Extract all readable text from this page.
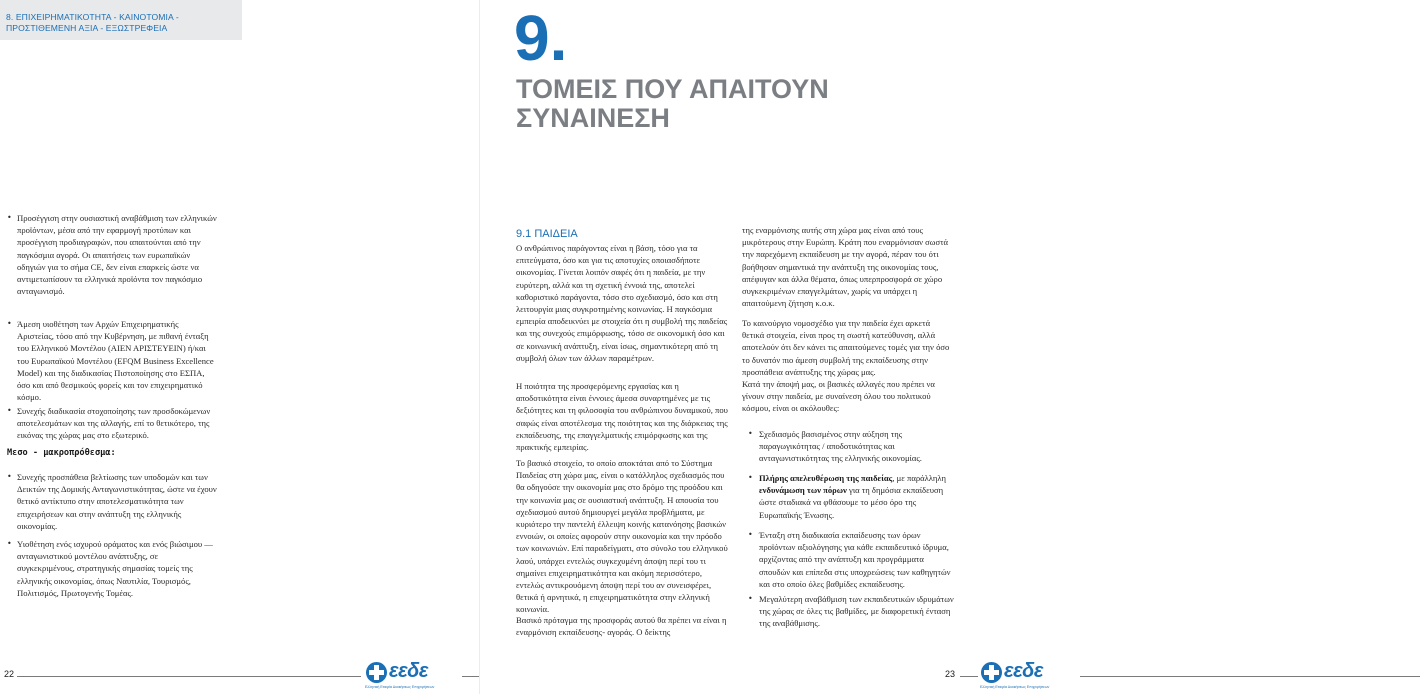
8. ΕΠΙΧΕΙΡΗΜΑΤΙΚΟΤΗΤΑ - ΚΑΙΝΟΤΟΜΙΑ - ΠΡΟΣΤΙΘΕΜΕΝΗ ΑΞΙΑ - ΕΞΩΣΤΡΕΦΕΙΑ
• Προσέγγιση στην ουσιαστική αναβάθμιση των ελληνικών προϊόντων, μέσα από την εφαρμογή προτύπων και προσέγγιση προδιαγραφών, που απαιτούνται από την παγκόσμια αγορά. Οι απαιτήσεις των ευρωπαϊκών οδηγιών για το σήμα CE, δεν είναι επαρκείς ώστε να αντιμετωπίσουν τα ελληνικά προϊόντα τον παγκόσμιο ανταγωνισμό.
• Άμεση υιοθέτηση των Αρχών Επιχειρηματικής Αριστείας, τόσο από την Κυβέρνηση, με πιθανή ένταξη του Ελληνικού Μοντέλου (ΑΙΕΝ ΑΡΙΣΤΕΥΕΙΝ) ή/και του Ευρωπαϊκού Μοντέλου (EFQM Business Excellence Model) και της διαδικασίας Πιστοποίησης στο ΕΣΠΑ, όσο και από θεσμικούς φορείς και τον επιχειρηματικό κόσμο.
• Συνεχής διαδικασία στοχοποίησης των προσδοκώμενων αποτελεσμάτων και της αλλαγής, επί το θετικότερο, της εικόνας της χώρας μας στο εξωτερικό.
Μεσο - μακροπρόθεσμα:
• Συνεχής προσπάθεια βελτίωσης των υποδομών και των Δεικτών της Δομικής Ανταγωνιστικότητας, ώστε να έχουν θετικό αντίκτυπο στην αποτελεσματικότητα των επιχειρήσεων και στην ανάπτυξη της ελληνικής οικονομίας.
• Υιοθέτηση ενός ισχυρού οράματος και ενός βιώσιμου — ανταγωνιστικού μοντέλου ανάπτυξης, σε συγκεκριμένους, στρατηγικής σημασίας τομείς της ελληνικής οικονομίας, όπως Ναυτιλία, Τουρισμός, Πολιτισμός, Πρωτογενής Τομέας.
22	εεδε
Ελληνική Εταιρία Διοικήσεως Επιχειρήσεων
9.
ΤΟΜΕΙΣ ΠΟΥ ΑΠΑΙΤΟΥΝ ΣΥΝΑΙΝΕΣΗ
9.1 ΠΑΙΔΕΙΑ
Ο ανθρώπινος παράγοντας είναι η βάση, τόσο για τα επιτεύγματα, όσο και για τις αποτυχίες οποιασδήποτε οικονομίας. Γίνεται λοιπόν σαφές ότι η παιδεία, με την ευρύτερη, αλλά και τη σχετική έννοιά της, αποτελεί καθοριστικό παράγοντα, τόσο στο σχεδιασμό, όσο και στη λειτουργία μιας συγκροτημένης κοινωνίας. Η παγκόσμια εμπειρία αποδεικνύει με στοιχεία ότι η συμβολή της παιδείας και της συνεχούς επιμόρφωσης, τόσο σε οικονομική όσο και σε κοινωνική ανάπτυξη, είναι ίσως, σημαντικότερη από τη συμβολή όλων των άλλων παραμέτρων.
Η ποιότητα της προσφερόμενης εργασίας και η αποδοτικότητα είναι έννοιες άμεσα συναρτημένες με τις δεξιότητες και τη φιλοσοφία του ανθρώπινου δυναμικού, που σαφώς είναι αποτέλεσμα της ποιότητας και της διάρκειας της εκπαίδευσης, της επαγγελματικής επιμόρφωσης και της πρακτικής εμπειρίας.
Το βασικό στοιχείο, το οποίο αποκτάται από το Σύστημα Παιδείας στη χώρα μας, είναι ο κατάλληλος σχεδιασμός που θα οδηγούσε την οικονομία μας στο δρόμο της προόδου και την κοινωνία μας σε ουσιαστική ανάπτυξη. Η απουσία του σχεδιασμού αυτού δημιουργεί μεγάλα προβλήματα, με κυριότερο την παντελή έλλειψη κοινής κατανόησης βασικών εννοιών, οι οποίες αφορούν στην οικονομία και την πρόοδο των κοινωνιών. Επί παραδείγματι, στο σύνολο του ελληνικού λαού, υπάρχει εντελώς συγκεχυμένη άποψη περί του τι σημαίνει επιχειρηματικότητα και ακόμη περισσότερο, εντελώς αντικρουόμενη άποψη περί του αν συνεισφέρει, θετικά ή αρνητικά, η επιχειρηματικότητα στην ελληνική κοινωνία.
Βασικό πρόταγμα της προσφοράς αυτού θα πρέπει να είναι η εναρμόνιση εκπαίδευσης- αγοράς. Ο δείκτης
της εναρμόνισης αυτής στη χώρα μας είναι από τους μικρότερους στην Ευρώπη. Κράτη που εναρμόνισαν σωστά την παρεχόμενη εκπαίδευση με την αγορά, πέραν του ότι βοήθησαν σημαντικά την ανάπτυξη της οικονομίας τους, απέφυγαν και άλλα θέματα, όπως υπερπροσφορά σε χώρο συγκεκριμένων επαγγελμάτων, χωρίς να υπάρχει η απαιτούμενη ζήτηση κ.ο.κ.
Το καινούργιο νομοσχέδιο για την παιδεία έχει αρκετά θετικά στοιχεία, είναι προς τη σωστή κατεύθυνση, αλλά αποτελούν ότι δεν κάνει τις απαιτούμενες τομές για την όσο το δυνατόν πιο άμεση συμβολή της εκπαίδευσης στην προσπάθεια ανάπτυξης της χώρας μας.
Κατά την άποψή μας, οι βασικές αλλαγές που πρέπει να γίνουν στην παιδεία, με συναίνεση όλου του πολιτικού κόσμου, είναι οι ακόλουθες:
• Σχεδιασμός βασισμένος στην αύξηση της παραγωγικότητας / αποδοτικότητας και ανταγωνιστικότητας της ελληνικής οικονομίας.
• Πλήρης απελευθέρωση της παιδείας, με παράλληλη ενδυνάμωση των πόρων για τη δημόσια εκπαίδευση ώστε σταδιακά να φθάσουμε το μέσο όρο της Ευρωπαϊκής Ένωσης.
• Ένταξη στη διαδικασία εκπαίδευσης των όρων προϊόντων αξιολόγησης για κάθε εκπαιδευτικό ίδρυμα, αρχίζοντας από την ανάπτυξη και προγράμματα σπουδών και επίπεδα στις υποχρεώσεις των καθηγητών και στο οποίο όλες βαθμίδες εκπαίδευσης.
• Μεγαλύτερη αναβάθμιση των εκπαιδευτικών ιδρυμάτων της χώρας σε όλες τις βαθμίδες, με διαφορετική ένταση της αναβάθμισης.
εεδε
Ελληνική Εταιρία Διοικήσεως Επιχειρήσεων
23
